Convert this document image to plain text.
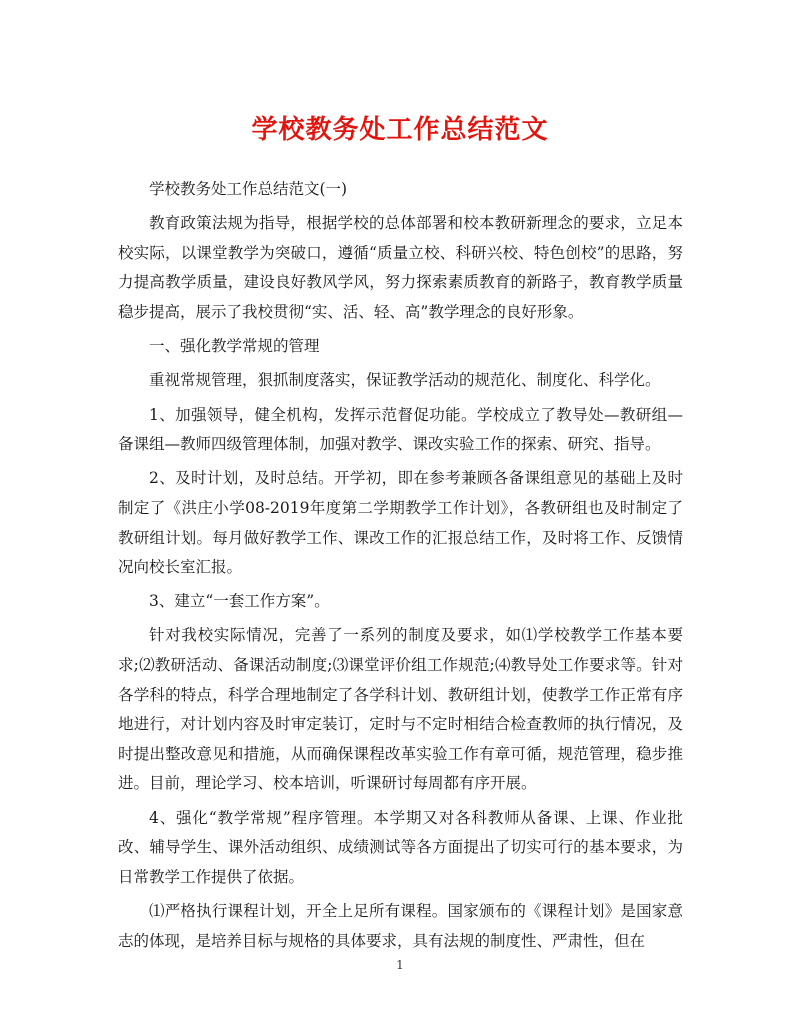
学校教务处工作总结范文

学校教务处工作总结范文(一)

教育政策法规为指导，根据学校的总体部署和校本教研新理念的要求，立足本校实际，以课堂教学为突破口，遵循“质量立校、科研兴校、特色创校”的思路，努力提高教学质量，建设良好教风学风，努力探索素质教育的新路子，教育教学质量稳步提高，展示了我校贯彻“实、活、轻、高”教学理念的良好形象。

一、强化教学常规的管理

重视常规管理，狠抓制度落实，保证教学活动的规范化、制度化、科学化。

1、加强领导，健全机构，发挥示范督促功能。学校成立了教导处—教研组—备课组—教师四级管理体制，加强对教学、课改实验工作的探索、研究、指导。

2、及时计划，及时总结。开学初，即在参考兼顾各备课组意见的基础上及时制定了《洪庄小学08-2019年度第二学期教学工作计划》，各教研组也及时制定了教研组计划。每月做好教学工作、课改工作的汇报总结工作，及时将工作、反馈情况向校长室汇报。

3、建立“一套工作方案”。

针对我校实际情况，完善了一系列的制度及要求，如⑴学校教学工作基本要求;⑵教研活动、备课活动制度;⑶课堂评价组工作规范;⑷教导处工作要求等。针对各学科的特点，科学合理地制定了各学科计划、教研组计划，使教学工作正常有序地进行，对计划内容及时审定装订，定时与不定时相结合检查教师的执行情况，及时提出整改意见和措施，从而确保课程改革实验工作有章可循，规范管理，稳步推进。目前，理论学习、校本培训，听课研讨每周都有序开展。

4、强化“教学常规”程序管理。本学期又对各科教师从备课、上课、作业批改、辅导学生、课外活动组织、成绩测试等各方面提出了切实可行的基本要求，为日常教学工作提供了依据。

⑴严格执行课程计划，开全上足所有课程。国家颁布的《课程计划》是国家意志的体现，是培养目标与规格的具体要求，具有法规的制度性、严肃性，但在

1
